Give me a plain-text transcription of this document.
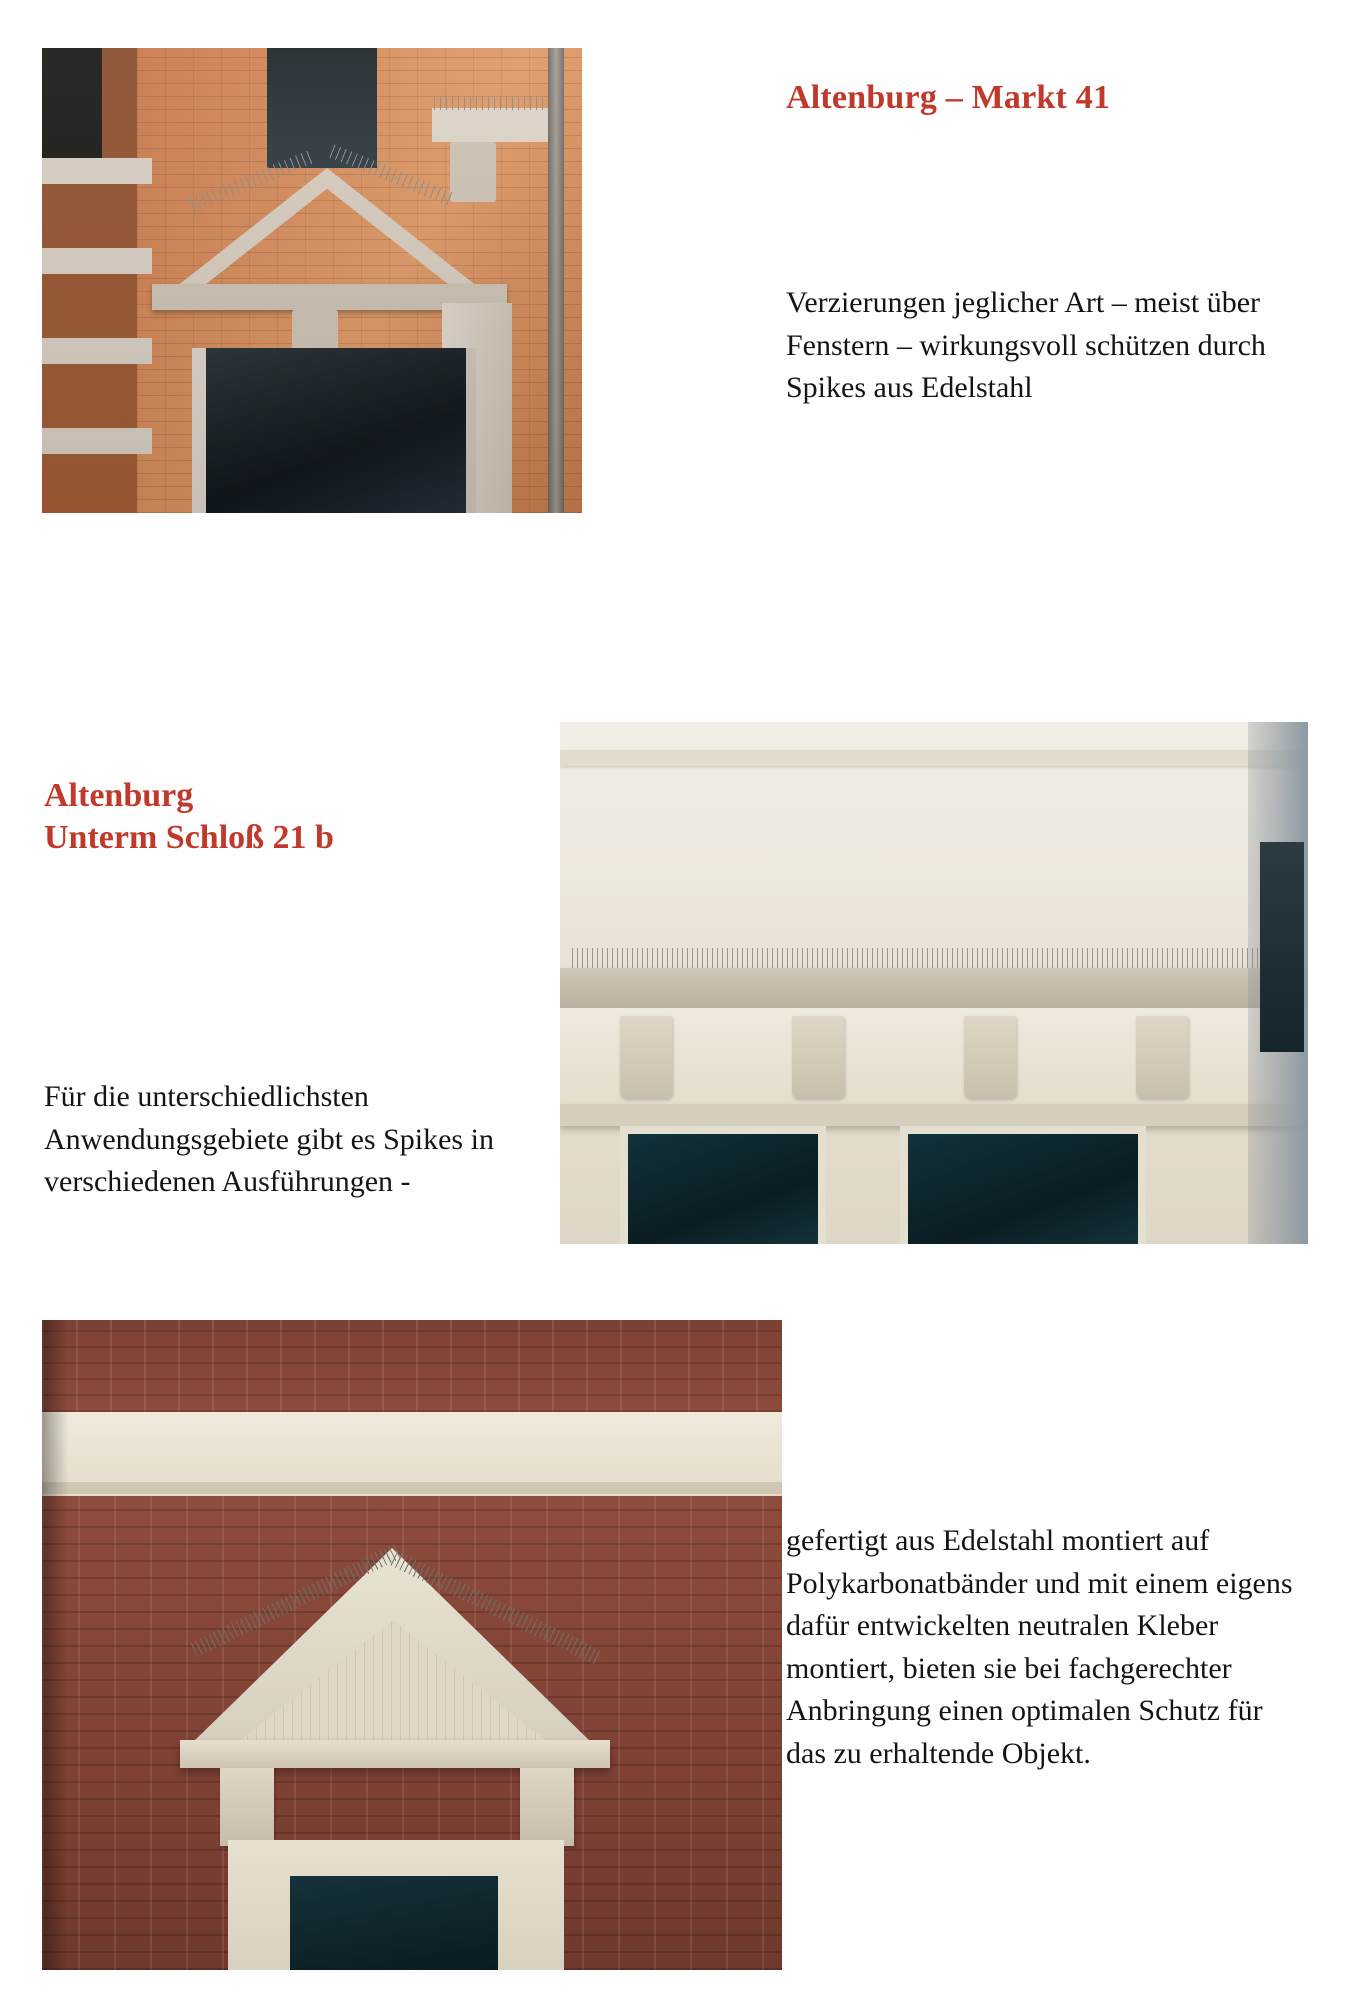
Altenburg – Markt 41

Verzierungen jeglicher Art – meist über Fenstern – wirkungsvoll schützen durch Spikes aus Edelstahl

Altenburg
Unterm Schloß 21 b

Für die unterschiedlichsten Anwendungsgebiete gibt es Spikes in verschiedenen Ausführungen -

gefertigt aus Edelstahl montiert auf Polykarbonatbänder und mit einem eigens dafür entwickelten neutralen Kleber montiert, bieten sie bei fachgerechter Anbringung einen optimalen Schutz für das zu erhaltende Objekt.
